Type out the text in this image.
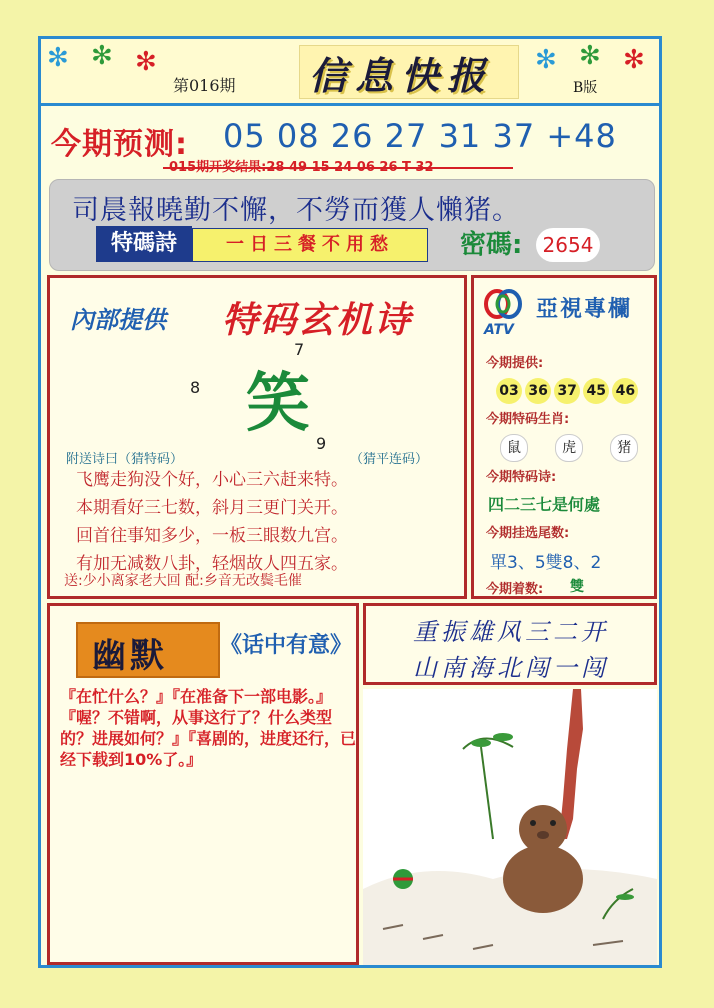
✻ ✻ ✻
第016期 信息快报 ✻ ✻ ✻
B版
今期预测: 05 08 26 27 31 37 +48
015期开奖结果:28 49 15 24 06 26 T 32
司晨報曉勤不懈，不勞而獲人懶猪。
特碼詩	一日三餐不用愁	密碼:	2654
內部提供 特码玄机诗
7
8 笑
9
附送诗曰（猜特码）	（猜平连码）
飞鹰走狗没个好，小心三六赶来特。
本期看好三七数，斜月三更门关开。
回首往事知多少，一板三眼数九宫。
有加无减数八卦，轻烟故人四五家。
送:少小离家老大回 配:乡音无改鬓毛催
ATV
亞視專欄
今期提供:
03 36 37 45 46
今期特码生肖:
鼠	虎	猪
今期特码诗:
四二三七是何處
今期挂选尾数:
單3、5雙8、2
今期着数: 雙
幽默 《话中有意》
『在忙什么？』『在准备下一部电影。』『喔？不错啊，从事这行了？什么类型的？进展如何？』『喜剧的，进度还行，已经下载到10%了。』
重振雄风三二开
山南海北闯一闯
